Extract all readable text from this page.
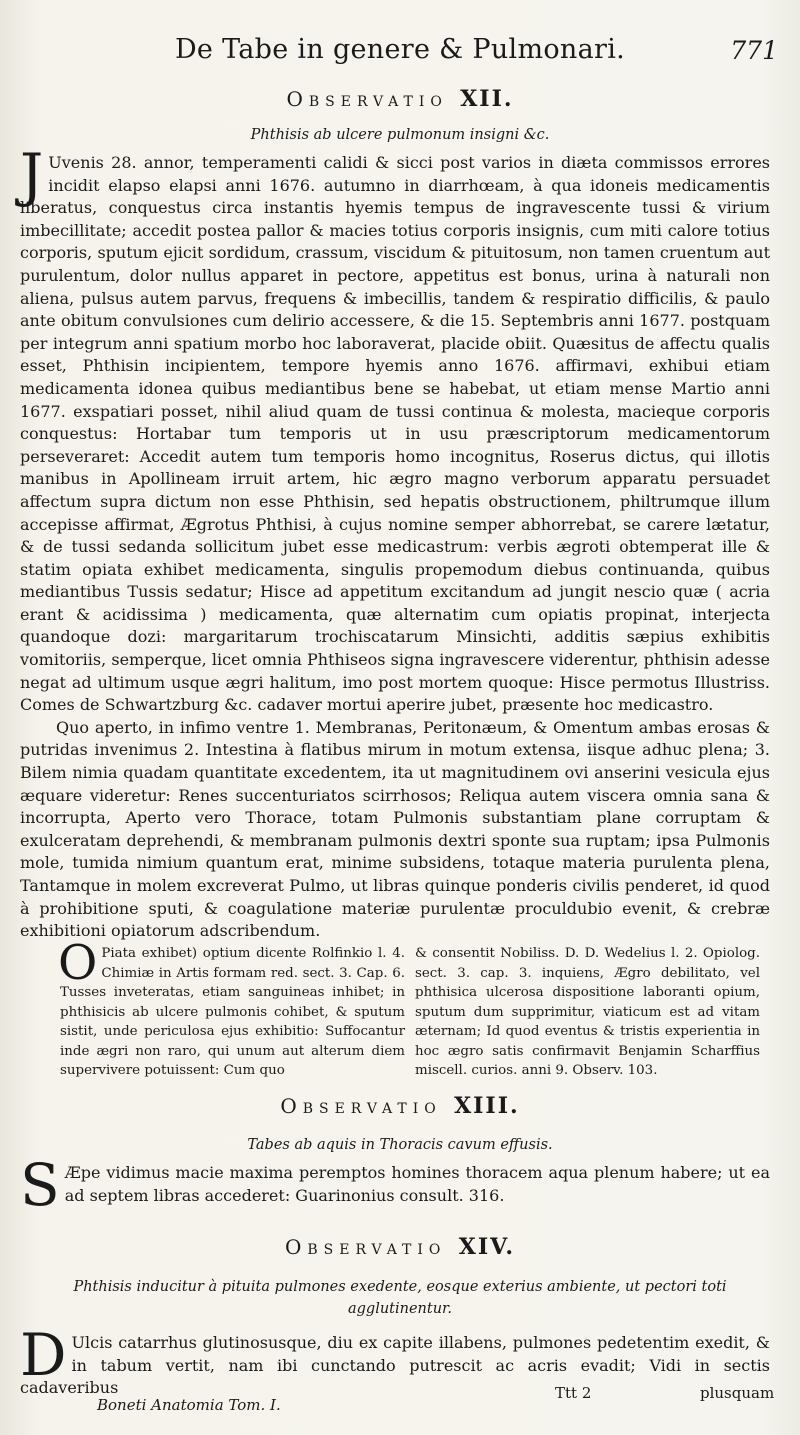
De Tabe in genere & Pulmonari.	771
Observatio XII.
Phthisis ab ulcere pulmonum insigni &c.

J Uvenis 28. annor, temperamenti calidi & sicci post varios in diæta commissos errores incidit elapso elapsi anni 1676. autumno in diarrhœam, à qua idoneis medicamentis liberatus, conquestus circa instantis hyemis tempus de ingravescente tussi & virium imbecillitate; accedit postea pallor & macies totius corporis insignis, cum miti calore totius corporis, sputum ejicit sordidum, crassum, viscidum & pituitosum, non tamen cruentum aut purulentum, dolor nullus apparet in pectore, appetitus est bonus, urina à naturali non aliena, pulsus autem parvus, frequens & imbecillis, tandem & respiratio difficilis, & paulo ante obitum convulsiones cum delirio accessere, & die 15. Septembris anni 1677. postquam per integrum anni spatium morbo hoc laboraverat, placide obiit. Quæsitus de affectu qualis esset, Phthisin incipientem, tempore hyemis anno 1676. affirmavi, exhibui etiam medicamenta idonea quibus mediantibus bene se habebat, ut etiam mense Martio anni 1677. exspatiari posset, nihil aliud quam de tussi continua & molesta, macieque corporis conquestus: Hortabar tum temporis ut in usu præscriptorum medicamentorum perseveraret: Accedit autem tum temporis homo incognitus, Roserus dictus, qui illotis manibus in Apollineam irruit artem, hic ægro magno verborum apparatu persuadet affectum supra dictum non esse Phthisin, sed hepatis obstructionem, philtrumque illum accepisse affirmat, Ægrotus Phthisi, à cujus nomine semper abhorrebat, se carere lætatur, & de tussi sedanda sollicitum jubet esse medicastrum: verbis ægroti obtemperat ille & statim opiata exhibet medicamenta, singulis propemodum diebus continuanda, quibus mediantibus Tussis sedatur; Hisce ad appetitum excitandum ad jungit nescio quæ ( acria erant & acidissima ) medicamenta, quæ alternatim cum opiatis propinat, interjecta quandoque dozi: margaritarum trochiscatarum Minsichti, additis sæpius exhibitis vomitoriis, semperque, licet omnia Phthiseos signa ingravescere viderentur, phthisin adesse negat ad ultimum usque ægri halitum, imo post mortem quoque: Hisce permotus Illustriss. Comes de Schwartzburg &c. cadaver mortui aperire jubet, præsente hoc medicastro.

Quo aperto, in infimo ventre 1. Membranas, Peritonæum, & Omentum ambas erosas & putridas invenimus 2. Intestina à flatibus mirum in motum extensa, iisque adhuc plena; 3. Bilem nimia quadam quantitate excedentem, ita ut magnitudinem ovi anserini vesicula ejus æquare videretur: Renes succenturiatos scirrhosos; Reliqua autem viscera omnia sana & incorrupta, Aperto vero Thorace, totam Pulmonis substantiam plane corruptam & exulceratam deprehendi, & membranam pulmonis dextri sponte sua ruptam; ipsa Pulmonis mole, tumida nimium quantum erat, minime subsidens, totaque materia purulenta plena, Tantamque in molem excreverat Pulmo, ut libras quinque ponderis civilis penderet, id quod à prohibitione sputi, & coagulatione materiæ purulentæ proculdubio evenit, & crebræ exhibitioni opiatorum adscribendum.

O Piata exhibet) optium dicente Rolfinkio l. 4. Chimiæ in Artis formam red. sect. 3. Cap. 6. Tusses inveteratas, etiam sanguineas inhibet; in phthisicis ab ulcere pulmonis cohibet, & sputum sistit, unde periculosa ejus exhibitio: Suffocantur inde ægri non raro, qui unum aut alterum diem supervivere potuissent: Cum quo
& consentit Nobiliss. D. D. Wedelius l. 2. Opiolog. sect. 3. cap. 3. inquiens, Ægro debilitato, vel phthisica ulcerosa dispositione laboranti opium, sputum dum supprimitur, viaticum est ad vitam æternam; Id quod eventus & tristis experientia in hoc ægro satis confirmavit Benjamin Scharffius miscell. curios. anni 9. Observ. 103.
Observatio XIII.
Tabes ab aquis in Thoracis cavum effusis.

S Æpe vidimus macie maxima peremptos homines thoracem aqua plenum habere; ut ea ad septem libras accederet: Guarinonius consult. 316.

Observatio XIV.
Phthisis inducitur à pituita pulmones exedente, eosque exterius ambiente, ut pectori toti agglutinentur.

D Ulcis catarrhus glutinosusque, diu ex capite illabens, pulmones pedetentim exedit, & in tabum vertit, nam ibi cunctando putrescit ac acris evadit; Vidi in sectis cadaveribus

Boneti Anatomia Tom. I.
Ttt 2	plusquam
